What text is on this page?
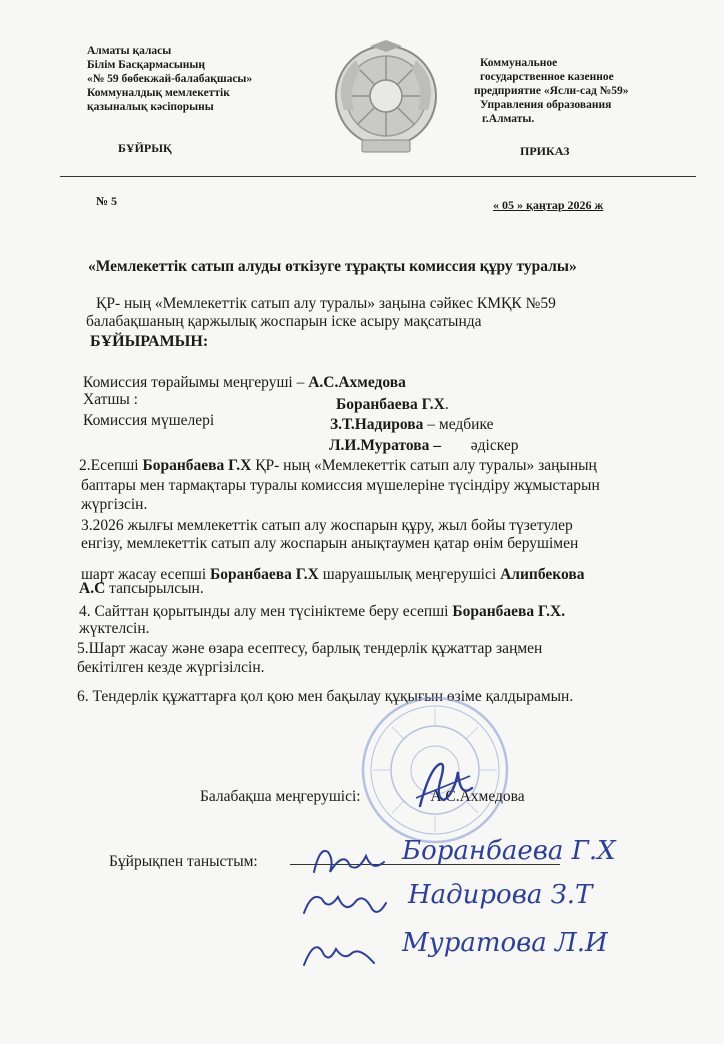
Алматы қаласы
Білім Басқармасының
«№ 59 бөбекжай-балабақшасы»
Коммуналдық мемлекеттік
қазыналық кәсіпорыны
Коммунальное
государственное казенное
предприятие «Ясли-сад №59»
Управления образования
г.Алматы.
БҰЙРЫҚ	ПРИКАЗ
№ 5	« 05 » қаңтар 2026 ж
«Мемлекеттік сатып алуды өткізуге тұрақты комиссия құру туралы»
ҚР- ның «Мемлекеттік сатып алу туралы» заңына сәйкес КМҚК №59
балабақшаның қаржылық жоспарын іске асыру мақсатында
БҰЙЫРАМЫН:
Комиссия төрайымы меңгеруші – А.С.Ахмедова
Хатшы :	Боранбаева Г.Х.
Комиссия мүшелері	З.Т.Надирова – медбике
Л.И.Муратова – әдіскер
2.Есепші Боранбаева Г.Х ҚР- ның «Мемлекеттік сатып алу туралы» заңының
баптары мен тармақтары туралы комиссия мүшелеріне түсіндіру жұмыстарын
жүргізсін.
3.2026 жылғы мемлекеттік сатып алу жоспарын құру, жыл бойы түзетулер
енгізу, мемлекеттік сатып алу жоспарын анықтаумен қатар өнім берушімен
шарт жасау есепші Боранбаева Г.Х шаруашылық меңгерушісі Алипбекова
А.С тапсырылсын.
4. Сайттан қорытынды алу мен түсініктеме беру есепші Боранбаева Г.Х.
жүктелсін.
5.Шарт жасау және өзара есептесу, барлық тендерлік құжаттар заңмен
бекітілген кезде жүргізілсін.
6. Тендерлік құжаттарға қол қою мен бақылау құқығын өзіме қалдырамын.
Балабақша меңгерушісі:	А.С.Ахмедова
Бұйрықпен таныстым:	Боранбаева Г.Х
Надирова З.Т
Муратова Л.И
